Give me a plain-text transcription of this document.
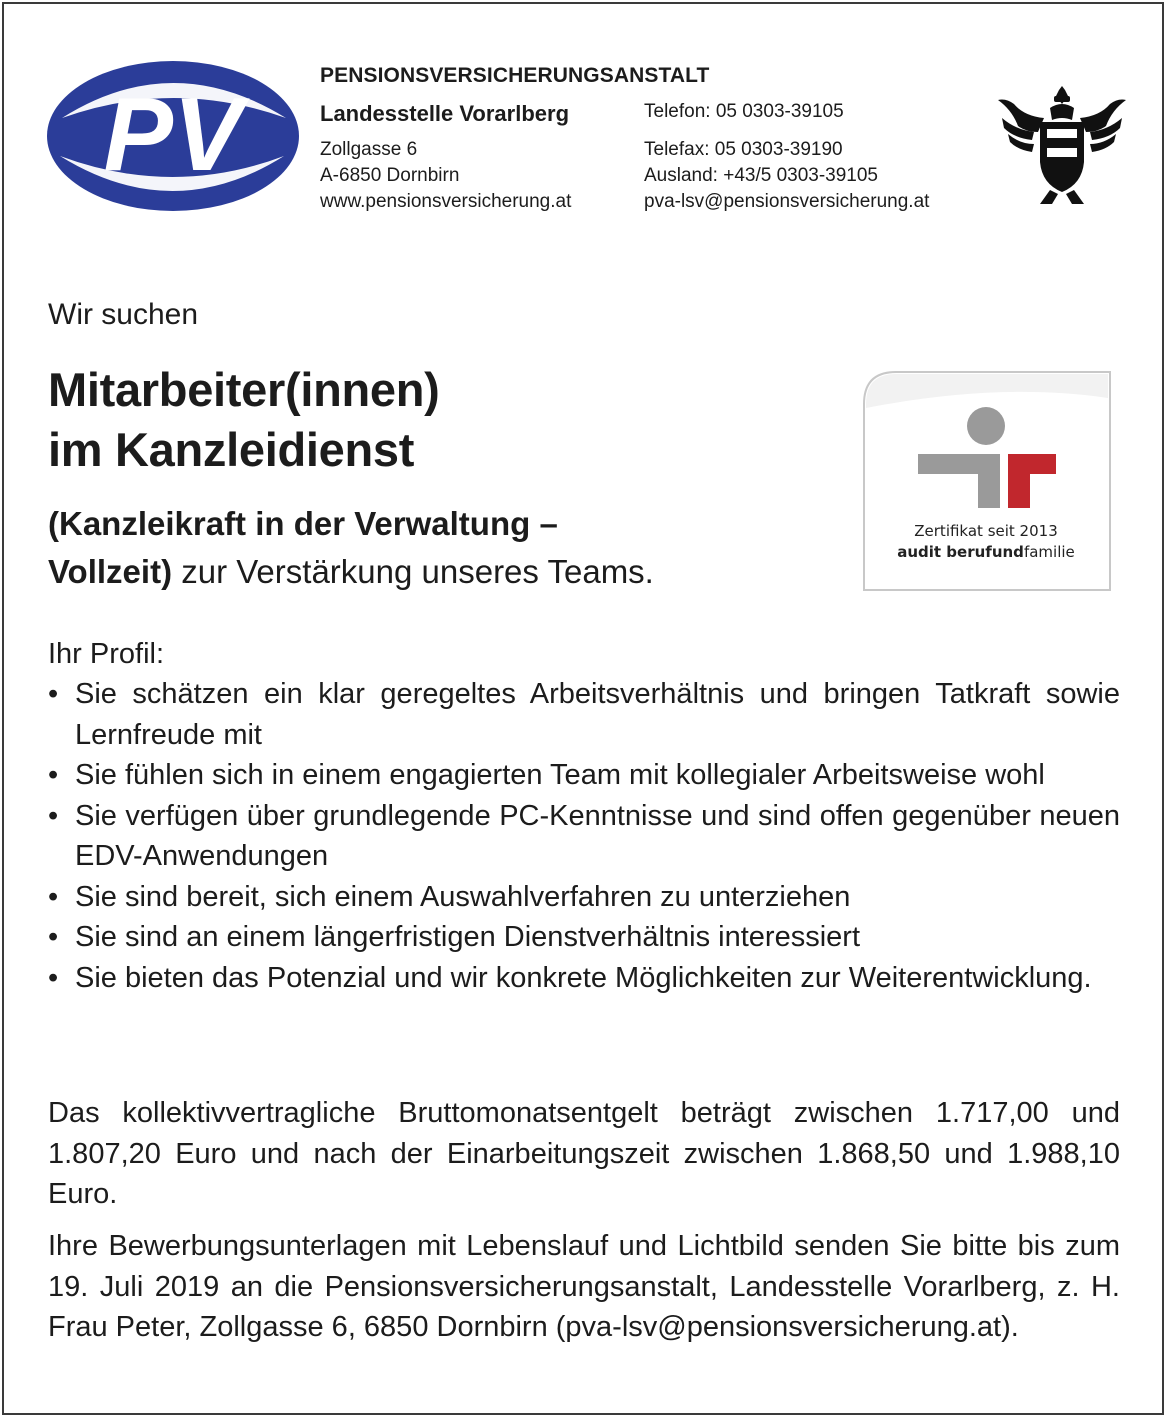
PV
PENSIONSVERSICHERUNGSANSTALT
Landesstelle Vorarlberg
Zollgasse 6
A-6850 Dornbirn
www.pensionsversicherung.at
Telefon: 05 0303-39105
Telefax: 05 0303-39190
Ausland: +43/5 0303-39105
pva-lsv@pensionsversicherung.at
Wir suchen
Mitarbeiter(innen)
im Kanzleidienst
(Kanzleikraft in der Verwaltung –
Vollzeit) zur Verstärkung unseres Teams.
Zertifikat seit 2013
audit berufundfamilie
Ihr Profil:
• Sie schätzen ein klar geregeltes Arbeitsverhältnis und bringen Tatkraft sowie Lernfreude mit
• Sie fühlen sich in einem engagierten Team mit kollegialer Arbeitsweise wohl
• Sie verfügen über grundlegende PC-Kenntnisse und sind offen gegenüber neuen EDV-Anwendungen
• Sie sind bereit, sich einem Auswahlverfahren zu unterziehen
• Sie sind an einem längerfristigen Dienstverhältnis interessiert
• Sie bieten das Potenzial und wir konkrete Möglichkeiten zur Weiterentwicklung.

Das kollektivvertragliche Bruttomonatsentgelt beträgt zwischen 1.717,00 und 1.807,20 Euro und nach der Einarbeitungszeit zwischen 1.868,50 und 1.988,10 Euro.

Ihre Bewerbungsunterlagen mit Lebenslauf und Lichtbild senden Sie bitte bis zum 19. Juli 2019 an die Pensionsversicherungsanstalt, Landesstelle Vorarlberg, z. H. Frau Peter, Zollgasse 6, 6850 Dornbirn (pva-lsv@pensionsversicherung.at).
